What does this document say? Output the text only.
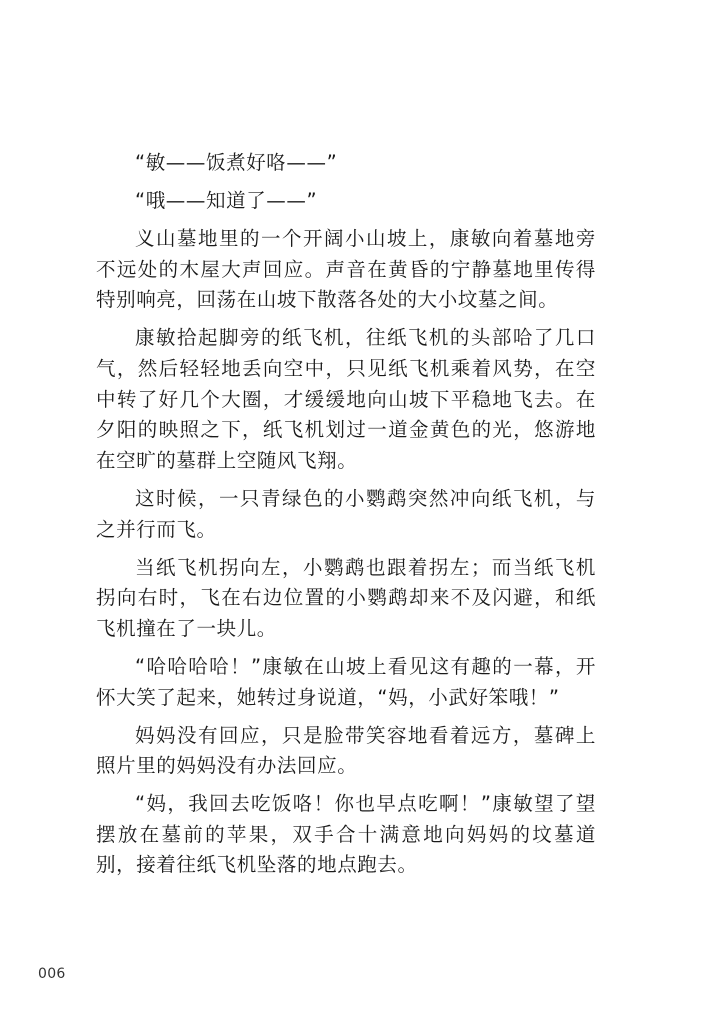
“敏——饭煮好咯——”

“哦——知道了——”

义山墓地里的一个开阔小山坡上，康敏向着墓地旁不远处的木屋大声回应。声音在黄昏的宁静墓地里传得特别响亮，回荡在山坡下散落各处的大小坟墓之间。

康敏拾起脚旁的纸飞机，往纸飞机的头部哈了几口气，然后轻轻地丢向空中，只见纸飞机乘着风势，在空中转了好几个大圈，才缓缓地向山坡下平稳地飞去。在夕阳的映照之下，纸飞机划过一道金黄色的光，悠游地在空旷的墓群上空随风飞翔。

这时候，一只青绿色的小鹦鹉突然冲向纸飞机，与之并行而飞。

当纸飞机拐向左，小鹦鹉也跟着拐左；而当纸飞机拐向右时，飞在右边位置的小鹦鹉却来不及闪避，和纸飞机撞在了一块儿。

“哈哈哈哈！”康敏在山坡上看见这有趣的一幕，开怀大笑了起来，她转过身说道，“妈，小武好笨哦！”

妈妈没有回应，只是脸带笑容地看着远方，墓碑上照片里的妈妈没有办法回应。

“妈，我回去吃饭咯！你也早点吃啊！”康敏望了望摆放在墓前的苹果，双手合十满意地向妈妈的坟墓道别，接着往纸飞机坠落的地点跑去。

006
